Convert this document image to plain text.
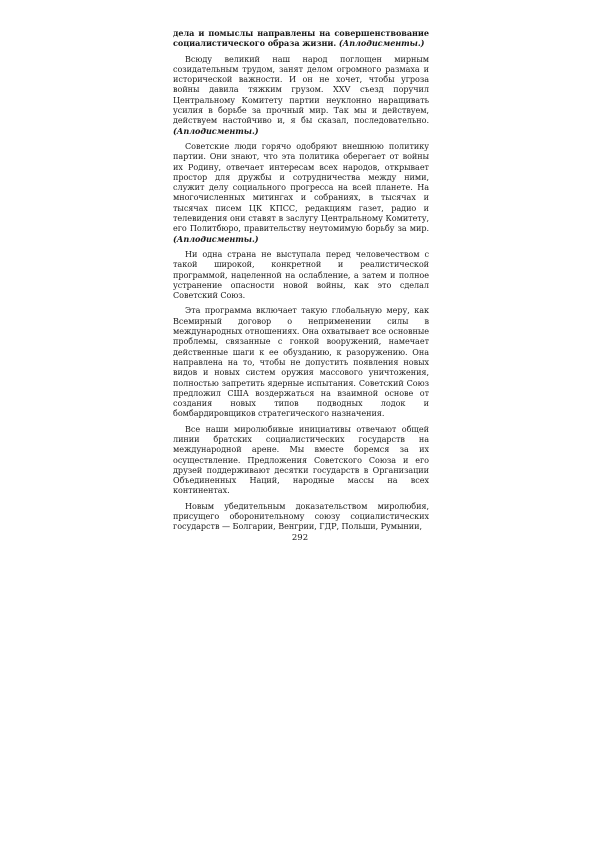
дела и помыслы направлены на совершенствование социалистического образа жизни. (Аплодисменты.)

Всюду великий наш народ поглощен мирным созидательным трудом, занят делом огромного размаха и исторической важности. И он не хочет, чтобы угроза войны давила тяжким грузом. XXV съезд поручил Центральному Комитету партии неуклонно наращивать усилия в борьбе за прочный мир. Так мы и действуем, действуем настойчиво и, я бы сказал, последовательно. (Аплодисменты.)

Советские люди горячо одобряют внешнюю политику партии. Они знают, что эта политика оберегает от войны их Родину, отвечает интересам всех народов, открывает простор для дружбы и сотрудничества между ними, служит делу социального прогресса на всей планете. На многочисленных митингах и собраниях, в тысячах и тысячах писем ЦК КПСС, редакциям газет, радио и телевидения они ставят в заслугу Центральному Комитету, его Политбюро, правительству неутомимую борьбу за мир. (Аплодисменты.)

Ни одна страна не выступала перед человечеством с такой широкой, конкретной и реалистической программой, нацеленной на ослабление, а затем и полное устранение опасности новой войны, как это сделал Советский Союз.

Эта программа включает такую глобальную меру, как Всемирный договор о неприменении силы в международных отношениях. Она охватывает все основные проблемы, связанные с гонкой вооружений, намечает действенные шаги к ее обузданию, к разоружению. Она направлена на то, чтобы не допустить появления новых видов и новых систем оружия массового уничтожения, полностью запретить ядерные испытания. Советский Союз предложил США воздержаться на взаимной основе от создания новых типов подводных лодок и бомбардировщиков стратегического назначения.

Все наши миролюбивые инициативы отвечают общей линии братских социалистических государств на международной арене. Мы вместе боремся за их осуществление. Предложения Советского Союза и его друзей поддерживают десятки государств в Организации Объединенных Наций, народные массы на всех континентах.

Новым убедительным доказательством миролюбия, присущего оборонительному союзу социалистических государств — Болгарии, Венгрии, ГДР, Польши, Румынии,

292
